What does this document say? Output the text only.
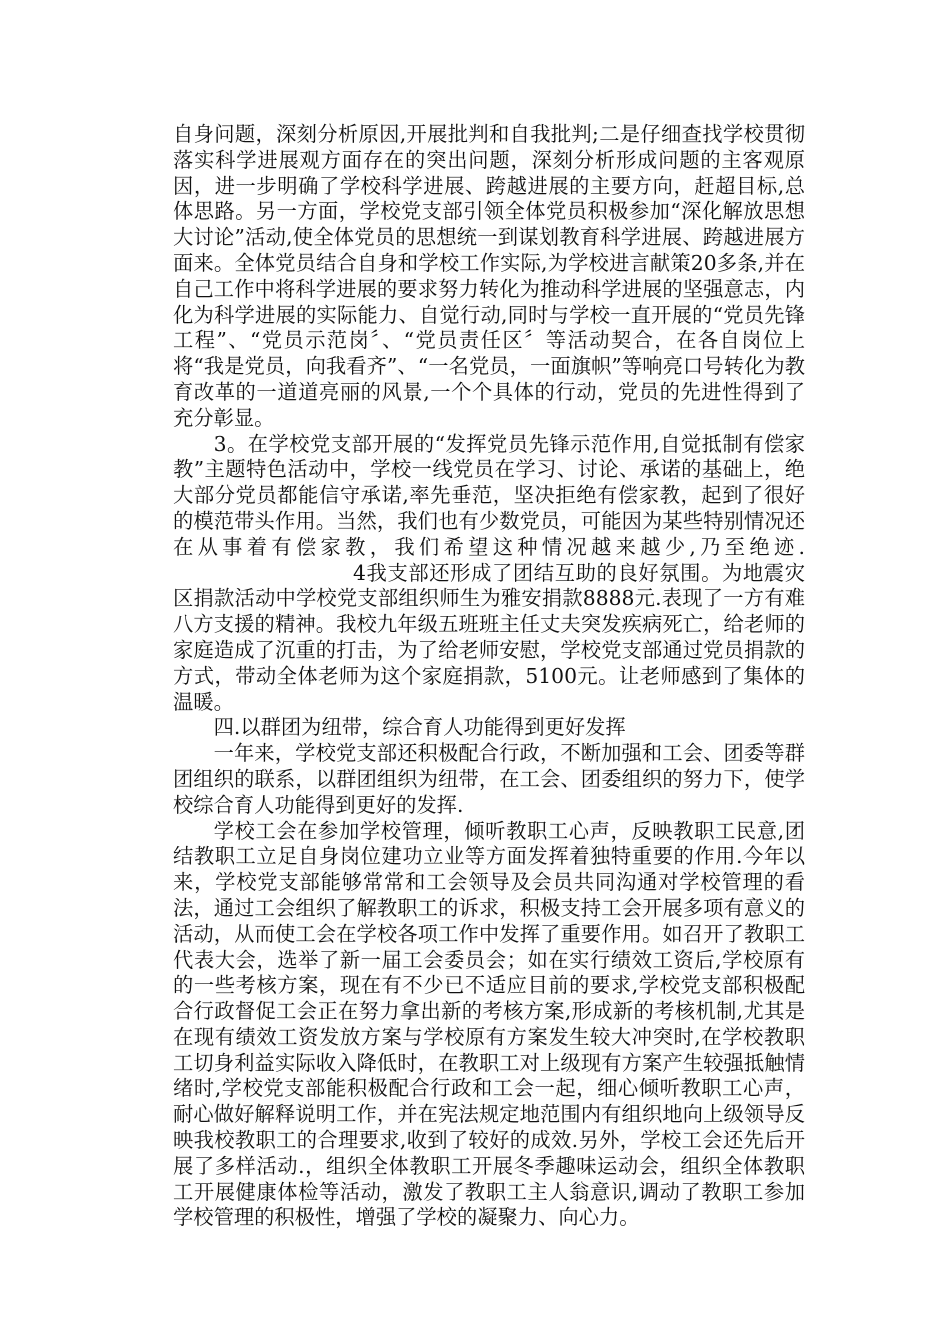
自身问题，深刻分析原因,开展批判和自我批判;二是仔细查找学校贯彻落实科学进展观方面存在的突出问题，深刻分析形成问题的主客观原因，进一步明确了学校科学进展、跨越进展的主要方向，赶超目标,总体思路。另一方面，学校党支部引领全体党员积极参加“深化解放思想大讨论”活动,使全体党员的思想统一到谋划教育科学进展、跨越进展方面来。全体党员结合自身和学校工作实际,为学校进言献策20多条,并在自己工作中将科学进展的要求努力转化为推动科学进展的坚强意志，内化为科学进展的实际能力、自觉行动,同时与学校一直开展的“党员先锋工程”、“党员示范岗〞、“党员责任区〞等活动契合，在各自岗位上将“我是党员，向我看齐”、“一名党员，一面旗帜”等响亮口号转化为教育改革的一道道亮丽的风景,一个个具体的行动，党员的先进性得到了充分彰显。

3。在学校党支部开展的“发挥党员先锋示范作用,自觉抵制有偿家教”主题特色活动中，学校一线党员在学习、讨论、承诺的基础上，绝大部分党员都能信守承诺,率先垂范，坚决拒绝有偿家教，起到了很好的模范带头作用。当然，我们也有少数党员，可能因为某些特别情况还在从事着有偿家教，我们希望这种情况越来越少,乃至绝迹.4我支部还形成了团结互助的良好氛围。为地震灾区捐款活动中学校党支部组织师生为雅安捐款8888元.表现了一方有难八方支援的精神。我校九年级五班班主任丈夫突发疾病死亡，给老师的家庭造成了沉重的打击，为了给老师安慰，学校党支部通过党员捐款的方式，带动全体老师为这个家庭捐款，5100元。让老师感到了集体的温暖。

四.以群团为纽带，综合育人功能得到更好发挥

一年来，学校党支部还积极配合行政，不断加强和工会、团委等群团组织的联系，以群团组织为纽带，在工会、团委组织的努力下，使学校综合育人功能得到更好的发挥.

学校工会在参加学校管理，倾听教职工心声，反映教职工民意,团结教职工立足自身岗位建功立业等方面发挥着独特重要的作用.今年以来，学校党支部能够常常和工会领导及会员共同沟通对学校管理的看法，通过工会组织了解教职工的诉求，积极支持工会开展多项有意义的活动，从而使工会在学校各项工作中发挥了重要作用。如召开了教职工代表大会，选举了新一届工会委员会；如在实行绩效工资后,学校原有的一些考核方案，现在有不少已不适应目前的要求,学校党支部积极配合行政督促工会正在努力拿出新的考核方案,形成新的考核机制,尤其是在现有绩效工资发放方案与学校原有方案发生较大冲突时,在学校教职工切身利益实际收入降低时，在教职工对上级现有方案产生较强抵触情绪时,学校党支部能积极配合行政和工会一起，细心倾听教职工心声，耐心做好解释说明工作，并在宪法规定地范围内有组织地向上级领导反映我校教职工的合理要求,收到了较好的成效.另外，学校工会还先后开展了多样活动.，组织全体教职工开展冬季趣味运动会，组织全体教职工开展健康体检等活动，激发了教职工主人翁意识,调动了教职工参加学校管理的积极性，增强了学校的凝聚力、向心力。
